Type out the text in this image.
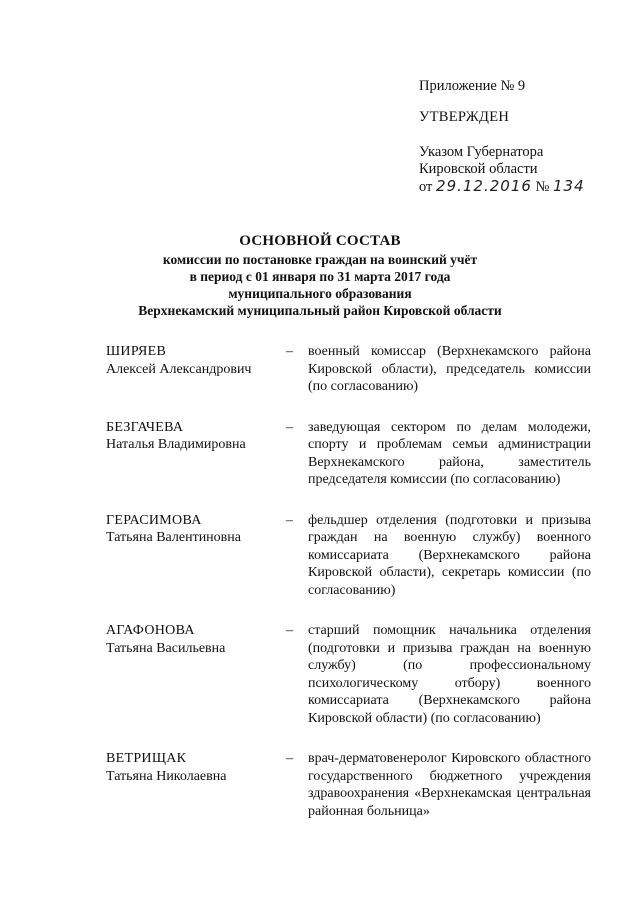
Приложение № 9
УТВЕРЖДЕН
Указом Губернатора
Кировской области
от 29.12.2016 № 134
ОСНОВНОЙ СОСТАВ
комиссии по постановке граждан на воинский учёт
в период с 01 января по 31 марта 2017 года
муниципального образования
Верхнекамский муниципальный район Кировской области
ШИРЯЕВ
Алексей Александрович
–	военный комиссар (Верхнекамского района Кировской области), председатель комиссии (по согласованию)
БЕЗГАЧЕВА
Наталья Владимировна
–	заведующая сектором по делам молодежи, спорту и проблемам семьи администрации Верхнекамского района, заместитель председателя комиссии (по согласованию)
ГЕРАСИМОВА
Татьяна Валентиновна
–	фельдшер отделения (подготовки и призыва граждан на военную службу) военного комиссариата (Верхнекамского района Кировской области), секретарь комиссии (по согласованию)
АГАФОНОВА
Татьяна Васильевна
–	старший помощник начальника отделения (подготовки и призыва граждан на военную службу) (по профессиональному психологическому отбору) военного комиссариата (Верхнекамского района Кировской области) (по согласованию)
ВЕТРИЩАК
Татьяна Николаевна
–	врач-дерматовенеролог Кировского областного государственного бюджетного учреждения здравоохранения «Верхнекамская центральная районная больница»
